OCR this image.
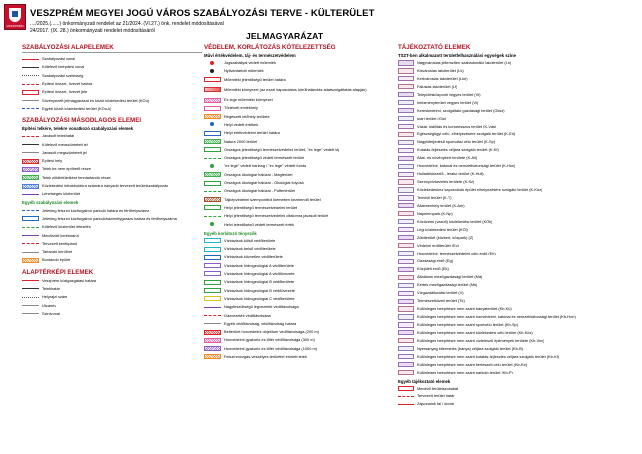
VESZPRÉM
VESZPRÉM MEGYEI JOGÚ VÁROS SZABÁLYOZÁSI TERVE - KÜLTERÜLET
..../2025.(......) önkormányzati rendelet az 21/2024. (VI.27.) önk. rendelet módosításával
24/2017. (IX. 28.) önkormányzati rendelet módosításáról	JELMAGYARÁZAT
SZABÁLYOZÁSI ALAPELEMEK
Szabályozási vonal
Kötelező beépítési vonal
Szabályozási szélesség
Építési övezet, övezet határa
Építési övezet, övezet jele
Sövényezett jelmagyarázat és közút közlekedési terület (KÖu)
Egyéb közút közlekedési terület (KÖu-k)
SZABÁLYOZÁSI MÁSODLAGOS ELEMEI
Építési telkére, telekre vonatkozó szabályozási elemek
Javasolt telekhatár
Kötelező megszüntetett jel
Javasolt megszüntetett jel
Építési hely
Telek be nem építhető része
Telek zöldfelületként fenntartandó része
Közlekedési infrastruktúra számára irányadó tervezett területszabályozás
Lehetséges közterület
Egyéb szabályozási elemek
Jelenleg felszíni közforgalmú parkoló határa és férőhelyszáma
Jelenleg felszíni közforgalmú parkolóház/mélygarázs határa és férőhelyszáma
Kötelező közterület létesítés
Megőrzött kerékpárút
Tervezett kerékpárút
Tartandó kerülhet
Bontandó épület
ALAPTÉRKÉPI ELEMEK
Veszprém közigazgatási határa
Telekhatár
Helyrajzi szám
Utcanév
Szintvonal
VÉDELEM, KORLÁTOZÁS KÖTELEZETTSÉG
Műví értékvédelem, táj- és természetvédelem
Jogszabállyal védett műemlék
Nyilvántartott műemlék
Műemléki jelentőségű terület határa
Műemléki környezet (az ezzel kapcsolatos körülhatárolás adatszolgáltatás alapján)
Ex lege műemléki környezet
Történeti emlékhely
Régészeti lelőhely területe
Helyi védett értékek
Helyi értékvédelmi terület határa
Natura 2000 terület
Országos jelentőségű természetvédelmi terület, "ex lege" védett táj
Országos jelentőségű védett természeti terület
"ex lege" védett barlang / "ex lege" védett forrás
Országos ökológiai hálózat - Magterület
Országos ökológiai hálózat - Ökológiai folyosó
Országos ökológiai hálózat - Pufferterület
Tájképvédelmi szempontból kiemelten kezelendő terület
Helyi jelentőségű természetvédelmi terület
Helyi jelentőségű természetvédelmi oltalomra javasolt terület
Helyi jelentőségű védett természeti érték
Egyéb korlátozó tényezők
Vízbázisok külső védőterülete
Vízbázisok belső védőterülete
Vízbázisok közvetlen védőterülete
Vízbázisok hidrogeológiai A védőterülete
Vízbázisok hidrogeológiai A védőövezete
Vízbázisok hidrogeológiai B védőterülete
Vízbázisok hidrogeológiai B védőövezete
Vízbázisok hidrogeológiai C védőterülete
Nagyfeszültségű légvezeték védőtávolsága
Gázvezeték védőtávolsága
Egyéb védőtávolság, védőtávolság határa
Belterület honvédelmi objektum védőtávolsága (200 m)
Honvédelmi gyakorló és lőtér védőtávolsága (300 m)
Honvédelmi gyakorló és lőtér védőtávolsága (1000 m)
Felszínmozgás-veszélyes területtel érintett telek
TÁJÉKOZTATÓ ELEMEK
TSZT-ben alkalmazott területfelhasználási egységek színe
Nagyvárosias jellemzően szabadonálló lakóterület (Ln)
Kisvárosias lakóterület (Lk)
Kertvárosias lakóterület (Lke)
Falusias lakóterület (Lf)
Településközponti vegyes terület (Vt)
Intézményterület vegyes terület (Vi)
Kereskedelmi, szolgáltató gazdasági terület (Gksz)
Ipari terület (Gip)
Vásár, kiállítás és kongresszus terület (K-Vás)
Egészségügyi célú, elhelyezésére szolgáló terület (K-Eü)
Nagykiterjedésű sportolási célú terület (K-Sp)
Kutatás-fejlesztés céljára szolgáló terület (K-Kf)
Állat- és növénykert területe (K-Áll)
Honvédelmi, katonai és nemzetbiztonsági terület (K-Hon)
Hulladékkezelő-, lerakó terület (K-Hull)
Szennyvízkezelés területe (K-Sz)
Közlekedéshez kapcsolódó épület elhelyezésére szolgáló terület (K-Köz)
Temető terület (K-T)
Állatmenhely terület (K-Am)
Napelempark (K-Np)
Közüzemi (vasúti) közlekedési terület (KÖk)
Légi közlekedési terület (KÖl)
Zöldterület (közkert, közpark) (Z)
Védelmi erdőterület (Ev)
Honvédelmi, természetvédelmi célú erdő (Eh)
Gazdasági erdő (Eg)
Közjóléti erdő (Ek)
Általános mezőgazdasági terület (Má)
Kertes mezőgazdasági terület (Mk)
Vízgazdálkodási terület (V)
Természetközeli terület (Tk)
Különleges beépítésre nem szánt bányaterület (Kb-Kü)
Különleges beépítésre nem szánt honvédelmi, katonai és nemzetbiztonsági terület (Kb-Hon)
Különleges beépítésre nem szánt sportcélú terület (Kb-Sp)
Különleges beépítésre nem szánt közlekedési célú terület (Kb-Köz)
Különleges beépítésre nem szánt vízteleszű épitmények területe (Kb-Vkv)
Nyersanyag kitermelés (bánya) céljára szolgáló terület (Kb-B)
Különleges beépítésre nem szánt kutatás-fejlesztés céljára szolgáló terület (Kb-Kf)
Különleges beépítésre nem szánt kertészeti célú terület (Kb-Ke)
Különleges beépítésre nem szánt parkoló terület (Kb-P)
Egyéb tájékoztató elemek
Megévő ferületszolgálat
Tervezett terület határ
Zajvonalok fal / domb
